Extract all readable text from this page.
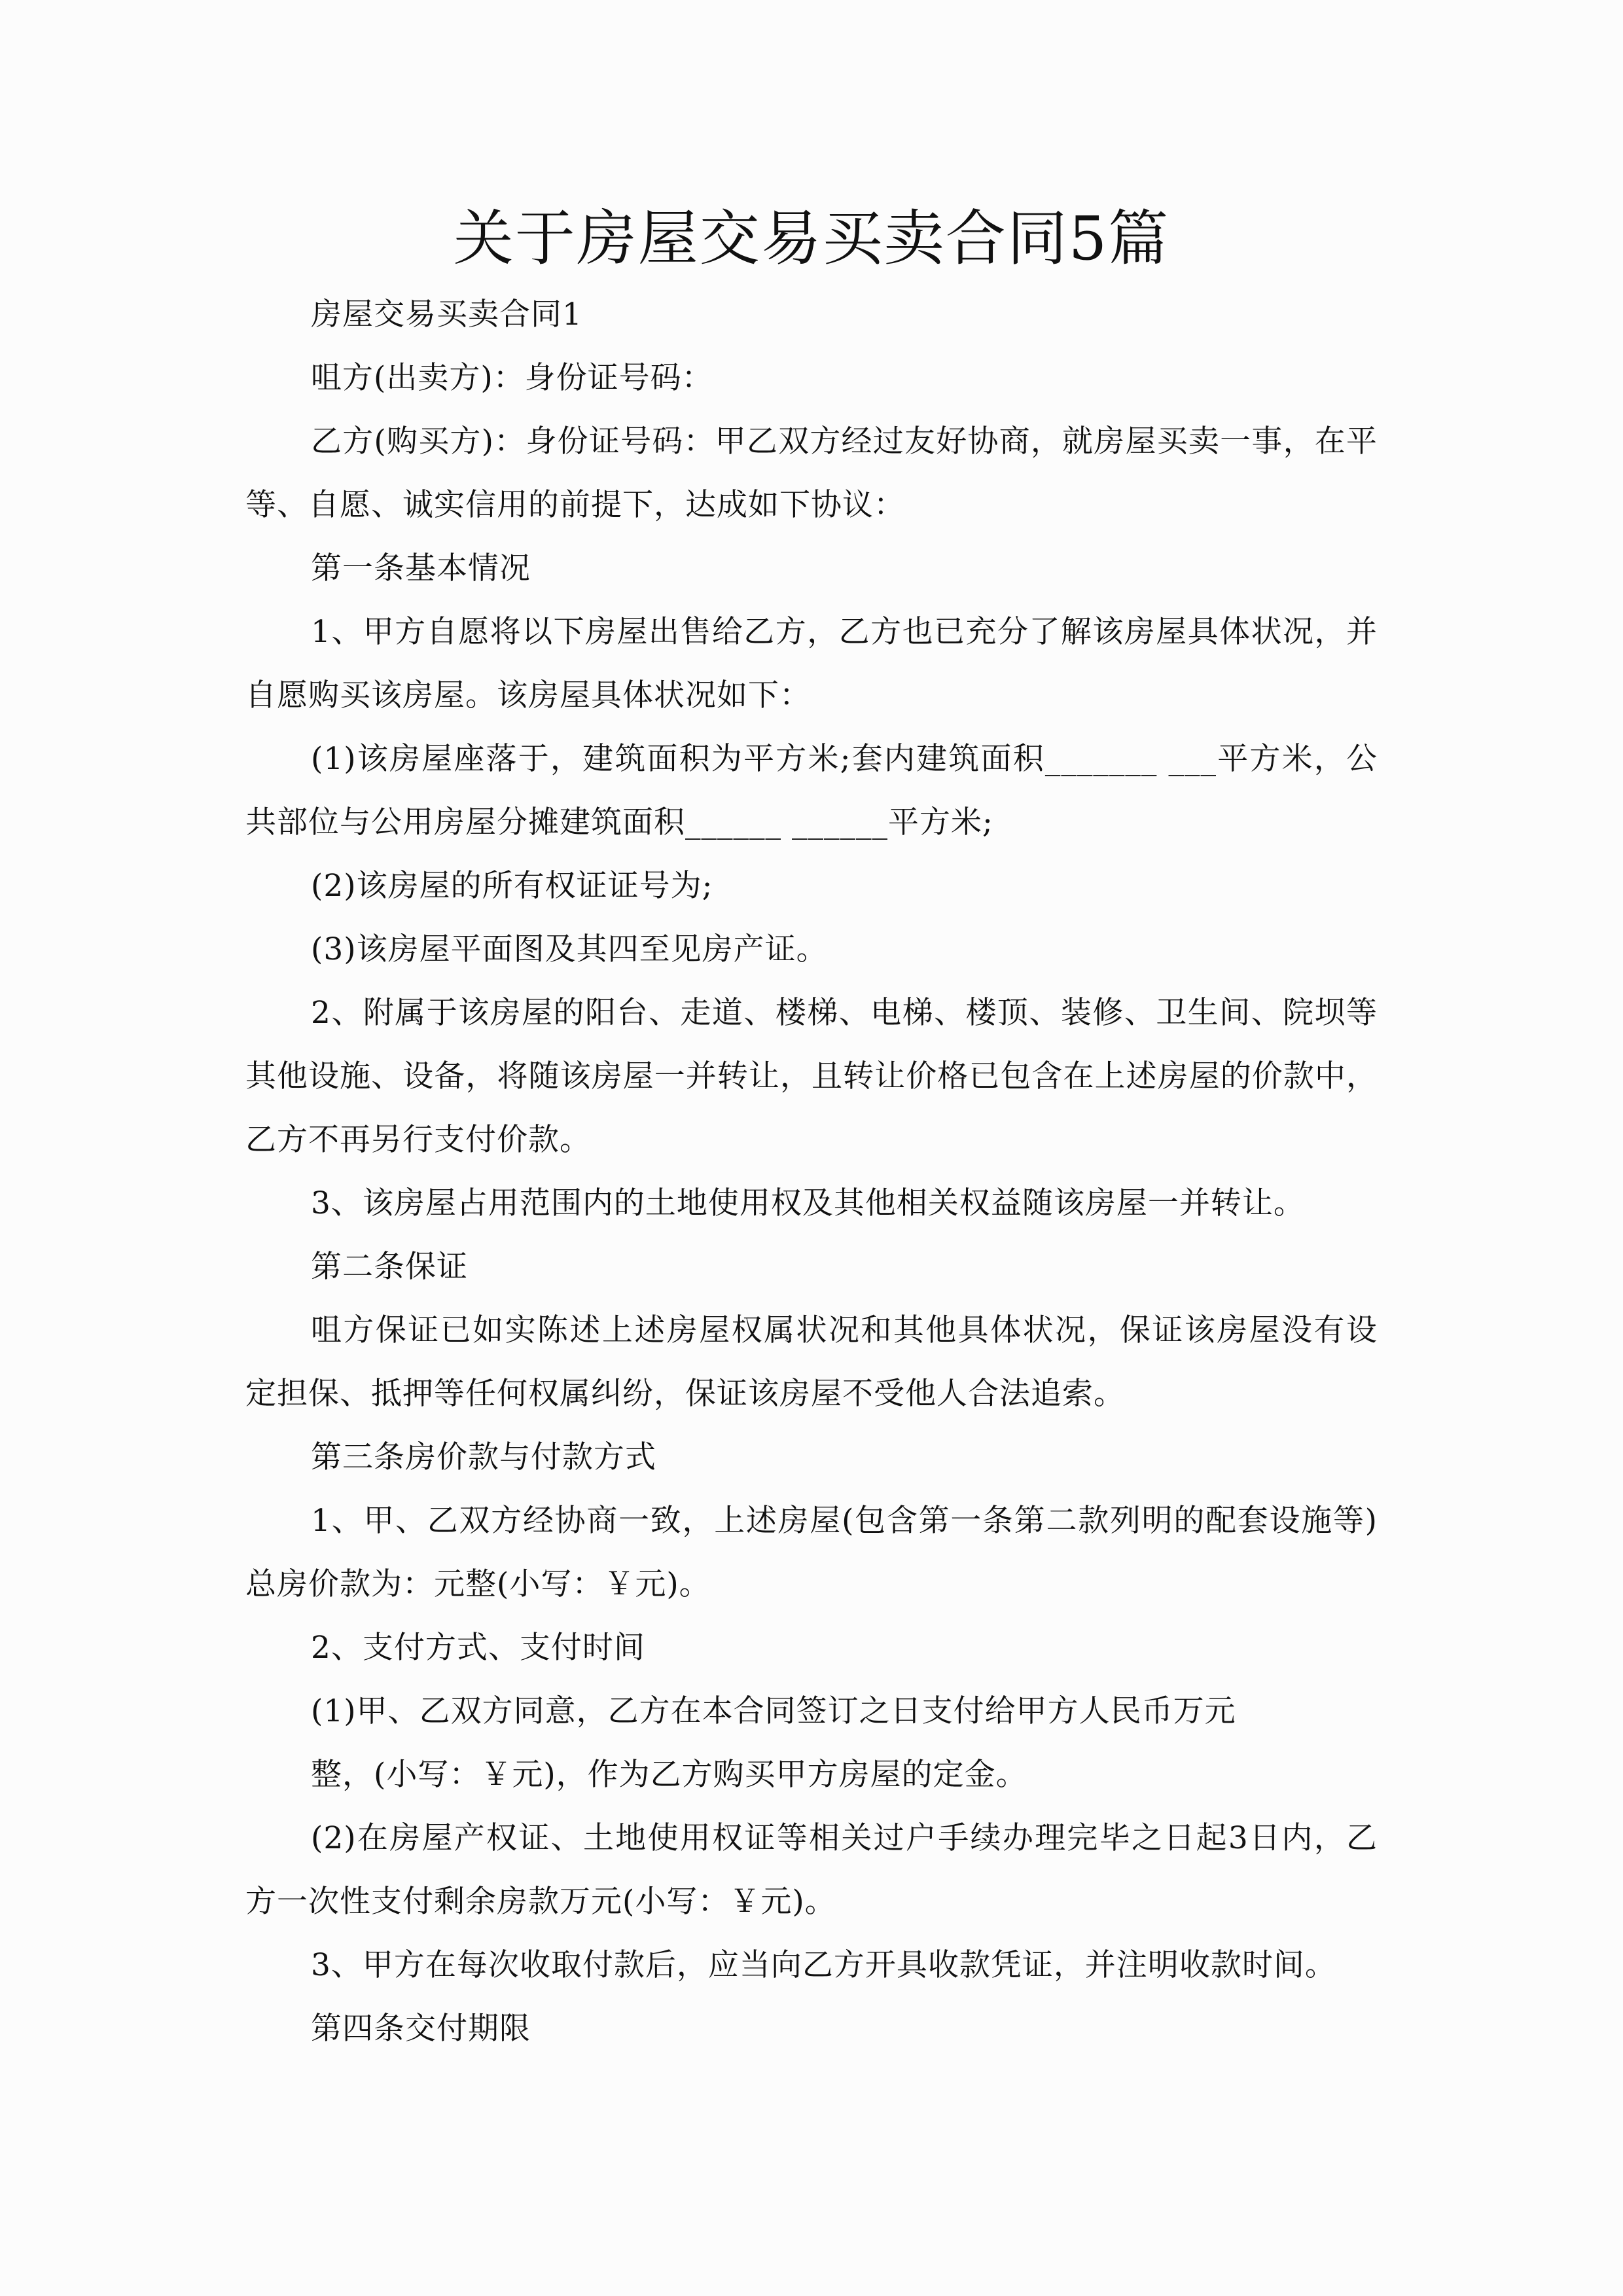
关于房屋交易买卖合同5篇

房屋交易买卖合同1

咀方(出卖方)：身份证号码：

乙方(购买方)：身份证号码：甲乙双方经过友好协商，就房屋买卖一事，在平等、自愿、诚实信用的前提下，达成如下协议：

第一条基本情况

1、甲方自愿将以下房屋出售给乙方，乙方也已充分了解该房屋具体状况，并自愿购买该房屋。该房屋具体状况如下：

(1)该房屋座落于，建筑面积为平方米;套内建筑面积_______ ___平方米，公共部位与公用房屋分摊建筑面积______ ______平方米;

(2)该房屋的所有权证证号为;

(3)该房屋平面图及其四至见房产证。

2、附属于该房屋的阳台、走道、楼梯、电梯、楼顶、装修、卫生间、院坝等其他设施、设备，将随该房屋一并转让，且转让价格已包含在上述房屋的价款中，乙方不再另行支付价款。

3、该房屋占用范围内的土地使用权及其他相关权益随该房屋一并转让。

第二条保证

咀方保证已如实陈述上述房屋权属状况和其他具体状况，保证该房屋没有设定担保、抵押等任何权属纠纷，保证该房屋不受他人合法追索。

第三条房价款与付款方式

1、甲、乙双方经协商一致，上述房屋(包含第一条第二款列明的配套设施等)总房价款为：元整(小写：￥元)。

2、支付方式、支付时间

(1)甲、乙双方同意，乙方在本合同签订之日支付给甲方人民币万元

整，(小写：￥元)，作为乙方购买甲方房屋的定金。

(2)在房屋产权证、土地使用权证等相关过户手续办理完毕之日起3日内，乙方一次性支付剩余房款万元(小写：￥元)。

3、甲方在每次收取付款后，应当向乙方开具收款凭证，并注明收款时间。

第四条交付期限
